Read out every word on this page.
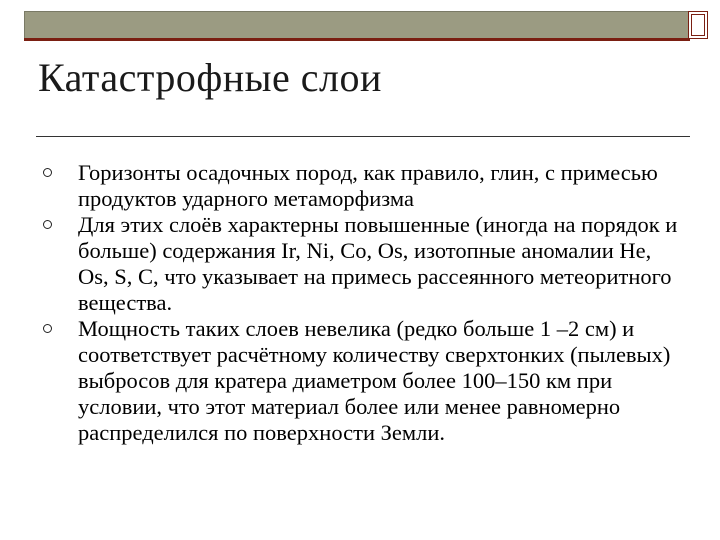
Катастрофные слои
Горизонты осадочных пород, как правило, глин, с примесью продуктов ударного метаморфизма
Для этих слоёв характерны повышенные (иногда на порядок и больше) содержания Ir, Ni, Co, Os, изотопные аномалии He, Os, S, C, что указывает на примесь рассеянного метеоритного вещества.
Мощность таких слоев невелика (редко больше 1 –2 см) и соответствует расчётному количеству сверхтонких (пылевых) выбросов для кратера диаметром более 100–150 км при условии, что этот материал более или менее равномерно распределился по поверхности Земли.
